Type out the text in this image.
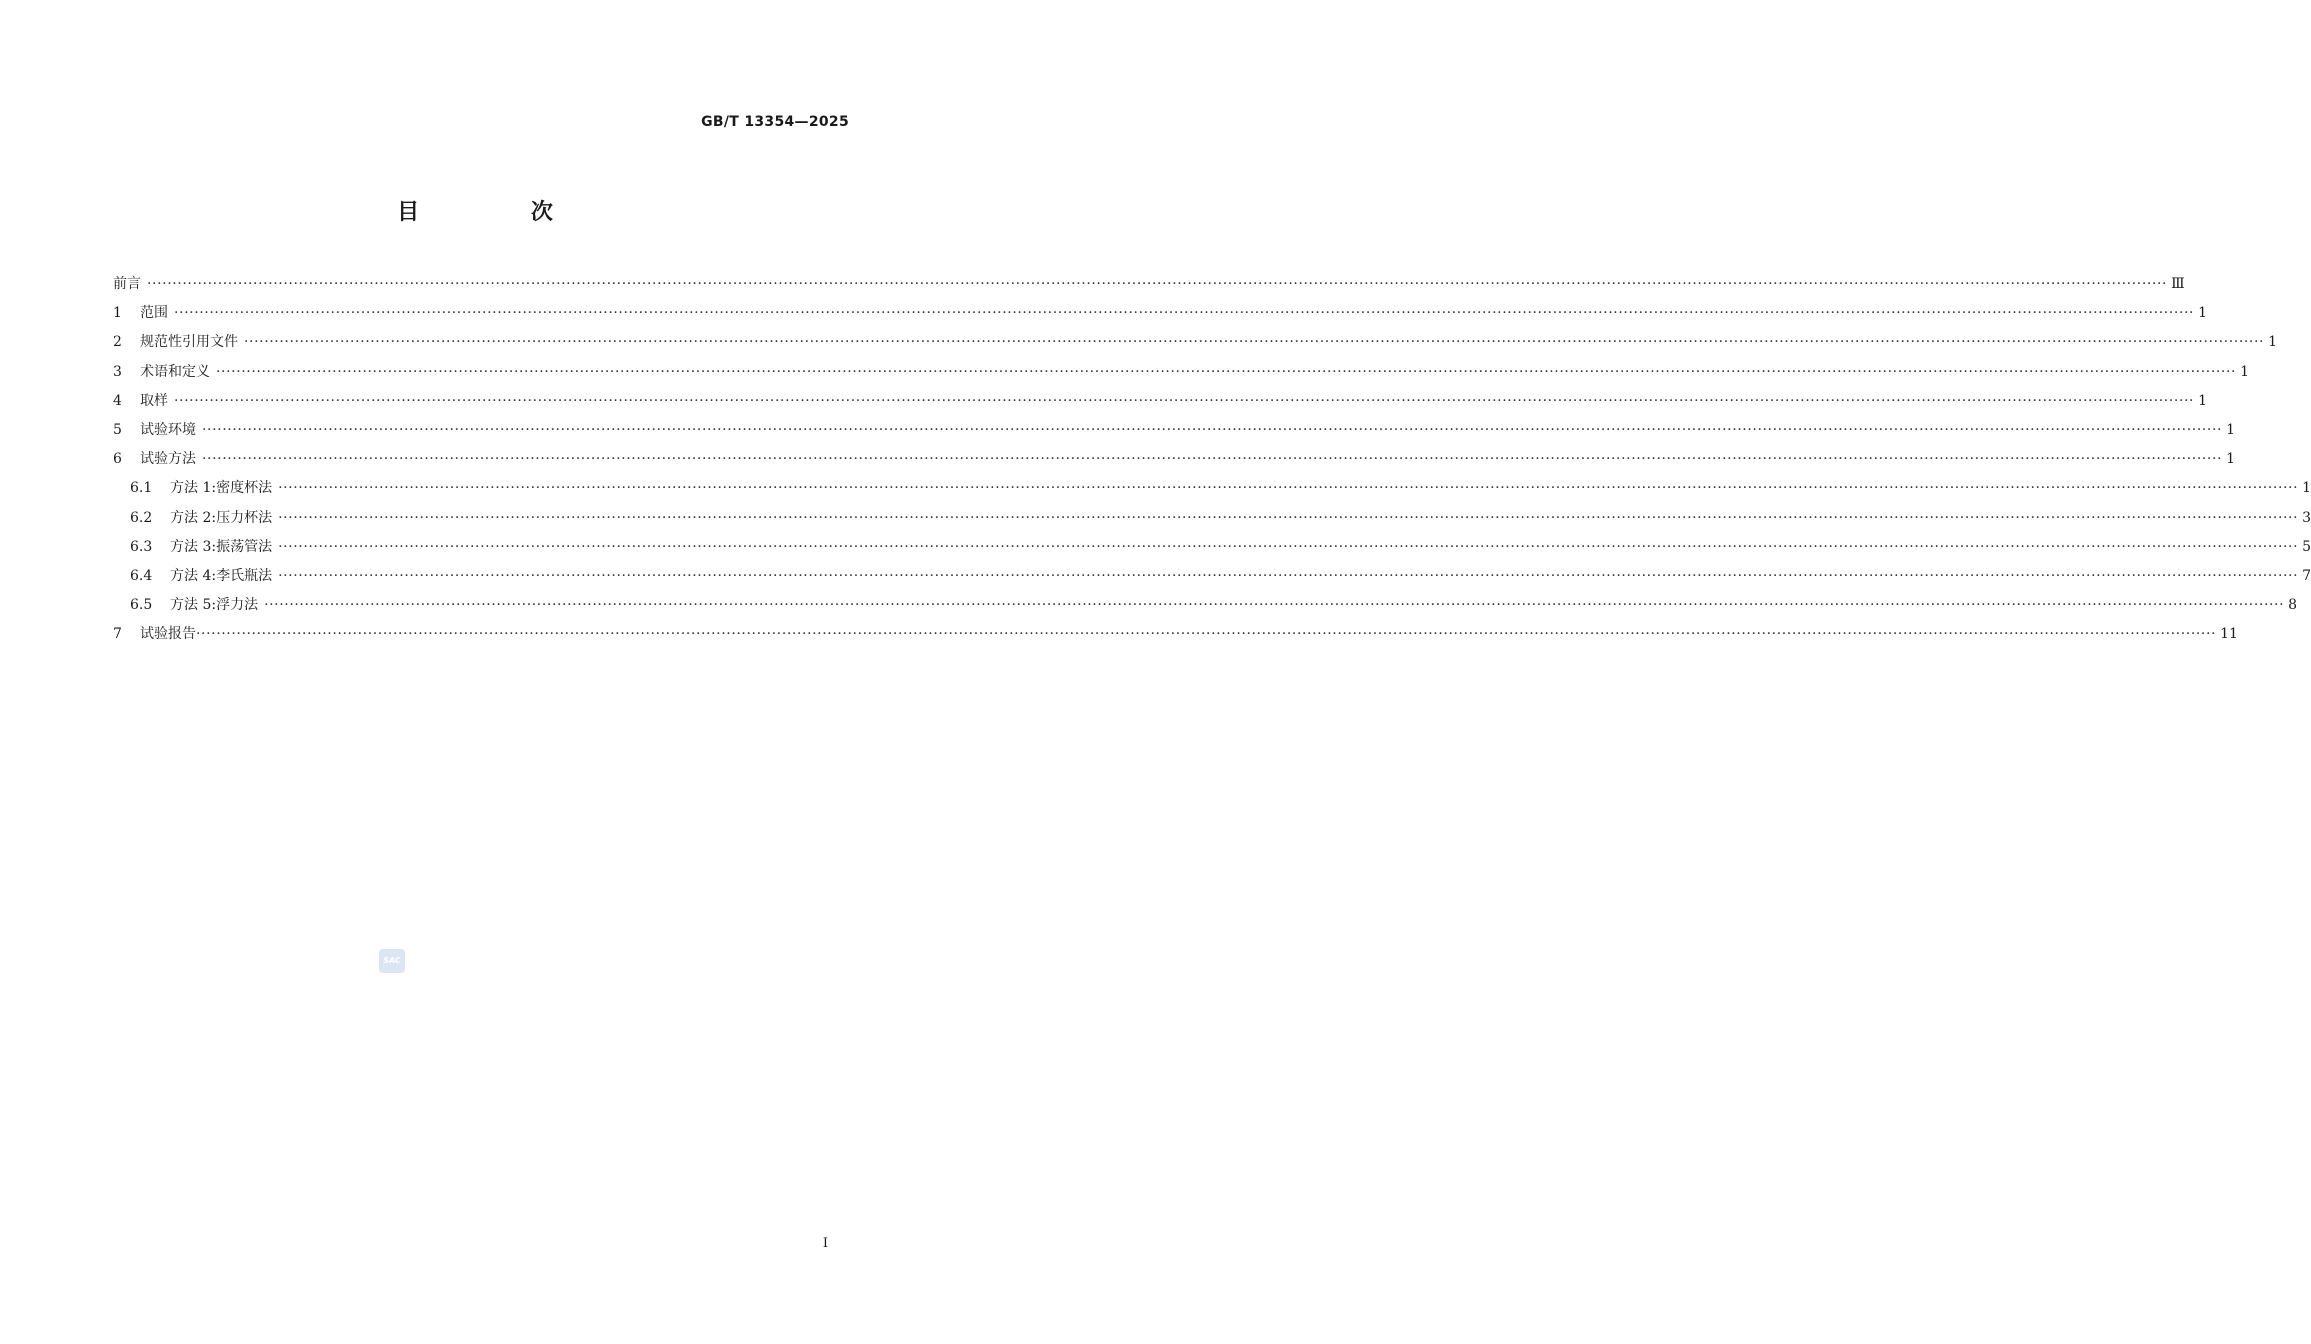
GB/T 13354—2025
目 次
前言 ················································································································································································································································································································································································································ Ⅲ
1	范围 ················································································································································································································································································································································································································ 1
2	规范性引用文件 ················································································································································································································································································································································································································ 1
3	术语和定义 ················································································································································································································································································································································································································ 1
4	取样 ················································································································································································································································································································································································································ 1
5	试验环境 ················································································································································································································································································································································································································ 1
6	试验方法 ················································································································································································································································································································································································································ 1
6.1	方法 1:密度杯法 ················································································································································································································································································································································································································ 1
6.2	方法 2:压力杯法 ················································································································································································································································································································································································································ 3
6.3	方法 3:振荡管法 ················································································································································································································································································································································································································ 5
6.4	方法 4:李氏瓶法 ················································································································································································································································································································································································································ 7
6.5	方法 5:浮力法 ················································································································································································································································································································································································································ 8
7	试验报告 ················································································································································································································································································································································································································ 11
SAC
I
